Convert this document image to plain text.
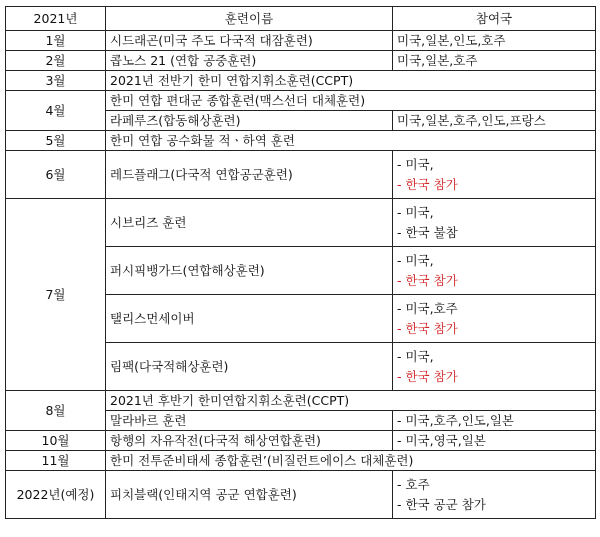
2021년	훈련이름	참여국
1월	시드래곤(미국 주도 다국적 대잠훈련)	미국,일본,인도,호주
2월	콥노스 21 (연합 공중훈련)	미국,일본,호주
3월	2021년 전반기 한미 연합지휘소훈련(CCPT)	
4월	한미 연합 편대군 종합훈련(맥스선더 대체훈련)	
	라페루즈(합동해상훈련)	미국,일본,호주,인도,프랑스
5월	한미 연합 공수화물 적ㆍ하역 훈련	
6월	레드플래그(다국적 연합공군훈련)	- 미국,
- 한국 참가

7월	시브리즈 훈련	- 미국,
- 한국 불참

	퍼시픽뱅가드(연합해상훈련)	- 미국,
- 한국 참가

	탤리스먼세이버	- 미국,호주
- 한국 참가

	림팩(다국적해상훈련)	- 미국,
- 한국 참가

8월	2021년 후반기 한미연합지휘소훈련(CCPT)	
	말라바르 훈련	- 미국,호주,인도,일본
10월	항행의 자유작전(다국적 해상연합훈련)	- 미국,영국,일본
11월	한미 전투준비태세 종합훈련’(비질런트에이스 대체훈련)	
2022년(예정)	피치블랙(인태지역 공군 연합훈련)	- 호주
- 한국 공군 참가
